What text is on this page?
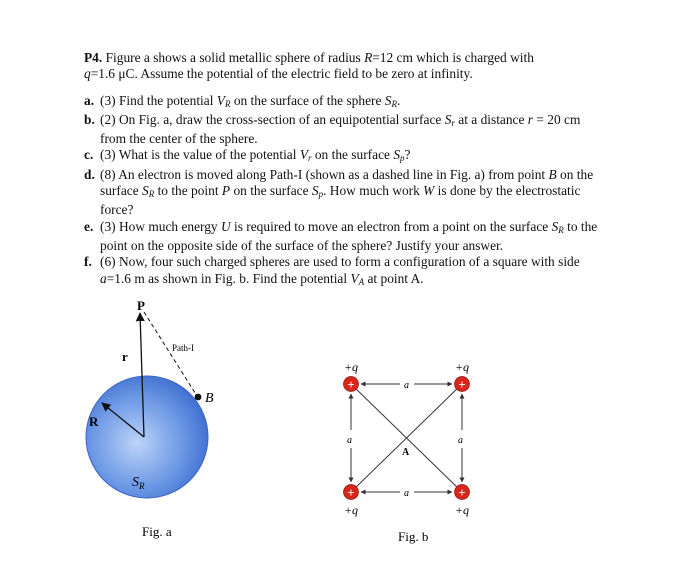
P4. Figure a shows a solid metallic sphere of radius R=12 cm which is charged with
q=1.6 μC. Assume the potential of the electric field to be zero at infinity.

a. (3) Find the potential $V_R$ on the surface of the sphere $S_R$.
b. (2) On Fig. a, draw the cross-section of an equipotential surface $S_r$ at a distance r = 20 cm from the center of the sphere.
c. (3) What is the value of the potential $V_r$ on the surface $S_p$?
d. (8) An electron is moved along Path-I (shown as a dashed line in Fig. a) from point B on the surface $S_R$ to the point P on the surface $S_p$. How much work W is done by the electrostatic force?
e. (3) How much energy U is required to move an electron from a point on the surface $S_R$ to the point on the opposite side of the surface of the sphere? Justify your answer.
f. (6) Now, four such charged spheres are used to form a configuration of a square with side a=1.6 m as shown in Fig. b. Find the potential $V_A$ at point A.
P
r
Path-I
B
R
$S_R$
Fig. a
a
a
a	a
A
+	+
+	+
+q	+q
+q	+q
Fig. b
